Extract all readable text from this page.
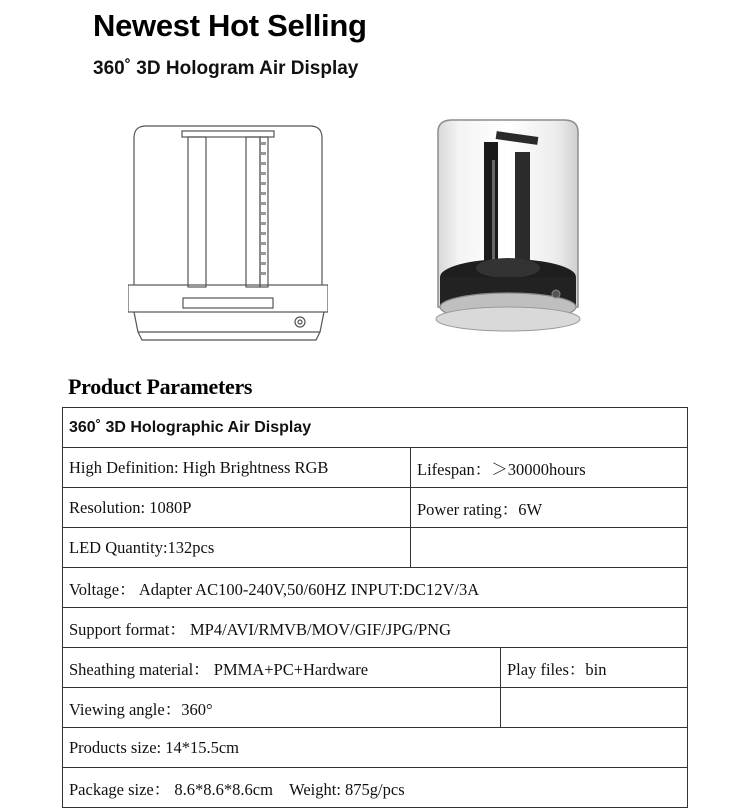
Newest Hot Selling
360˚ 3D Hologram Air Display
Product Parameters
360˚ 3D Holographic Air Display		
High Definition: High Brightness RGB	Lifespan：＞30000hours	
Resolution: 1080P	Power rating：6W	
LED Quantity:132pcs		
Voltage： Adapter AC100-240V,50/60HZ INPUT:DC12V/3A		
Support format： MP4/AVI/RMVB/MOV/GIF/JPG/PNG		
Sheathing material： PMMA+PC+Hardware		Play files：bin
Viewing angle：360°		
Products size: 14*15.5cm		
Package size： 8.6*8.6*8.6cm    Weight: 875g/pcs		
